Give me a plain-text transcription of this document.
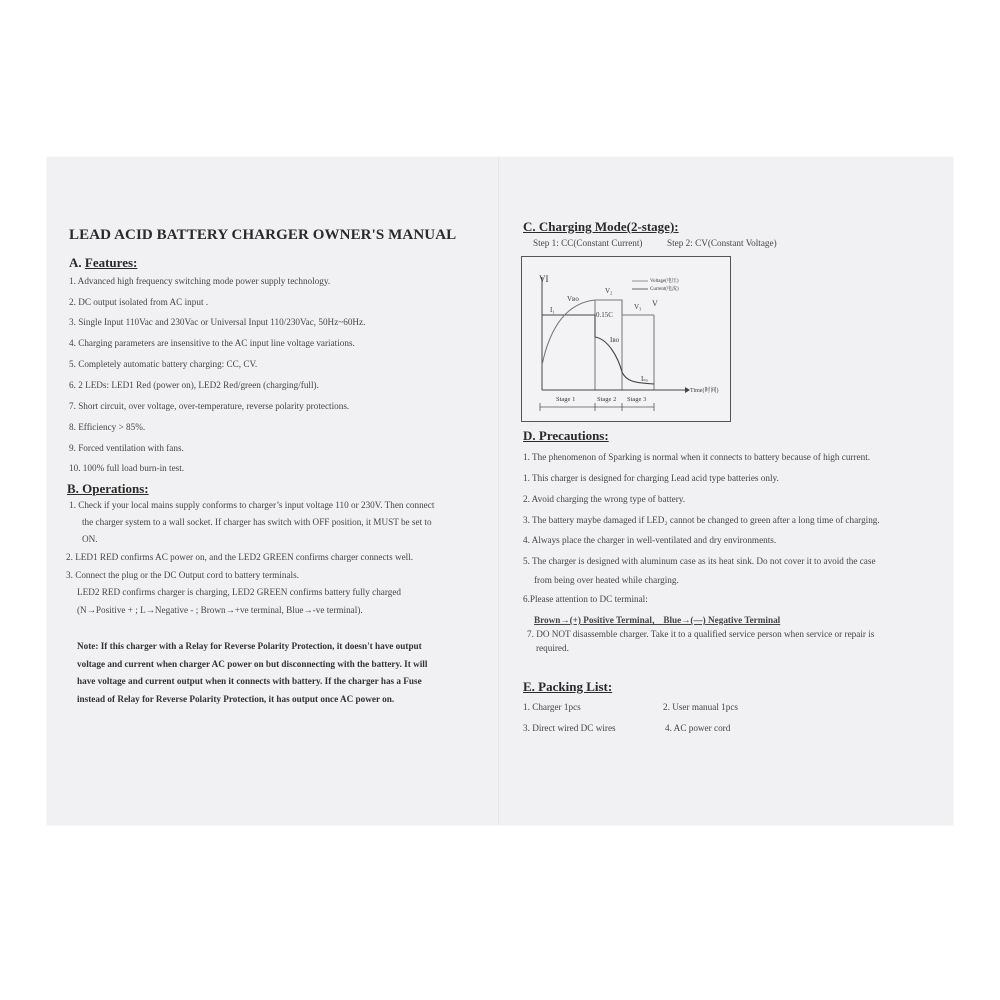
LEAD ACID BATTERY CHARGER OWNER'S MANUAL
A. Features:
1. Advanced high frequency switching mode power supply technology.
2. DC output isolated from AC input .
3. Single Input 110Vac and 230Vac or Universal Input 110/230Vac, 50Hz~60Hz.
4. Charging parameters are insensitive to the AC input line voltage variations.
5. Completely automatic battery charging: CC, CV.
6. 2 LEDs: LED1 Red (power on), LED2 Red/green (charging/full).
7. Short circuit, over voltage, over-temperature, reverse polarity protections.
8. Efficiency > 85%.
9. Forced ventilation with fans.
10. 100% full load burn-in test.
B. Operations:
1. Check if your local mains supply conforms to charger’s input voltage 110 or 230V. Then connect
the charger system to a wall socket. If charger has switch with OFF position, it MUST be set to
ON.
2. LED1 RED confirms AC power on, and the LED2 GREEN confirms charger connects well.
3. Connect the plug or the DC Output cord to battery terminals.
LED2 RED confirms charger is charging, LED2 GREEN confirms battery fully charged
(N→Positive + ; L→Negative - ; Brown→+ve terminal, Blue→-ve terminal).
Note: If this charger with a Relay for Reverse Polarity Protection, it doesn't have output
voltage and current when charger AC power on but disconnecting with the battery. It will
have voltage and current output when it connects with battery. If the charger has a Fuse
instead of Relay for Reverse Polarity Protection, it has output once AC power on.
C. Charging Mode(2-stage):
Step 1: CC(Constant Current)	Step 2: CV(Constant Voltage)
VI
I₁
Vʙᴏ
V₂
V₃ V
0.15C
Iʙᴏ
Iₛₒ
Voltage(电压)
Current(电流)
Time(时间)
Stage 1	Stage 2 Stage 3
D. Precautions:
1. The phenomenon of Sparking is normal when it connects to battery because of high current.
1. This charger is designed for charging Lead acid type batteries only.
2. Avoid charging the wrong type of battery.
3. The battery maybe damaged if LED₂ cannot be changed to green after a long time of charging.
4. Always place the charger in well-ventilated and dry environments.
5. The charger is designed with aluminum case as its heat sink. Do not cover it to avoid the case
from being over heated while charging.
6.Please attention to DC terminal:
Brown→(+) Positive Terminal， Blue→(—) Negative Terminal
7. DO NOT disassemble charger. Take it to a qualified service person when service or repair is
required.
E. Packing List:
1. Charger 1pcs	2. User manual 1pcs
3. Direct wired DC wires	4. AC power cord
